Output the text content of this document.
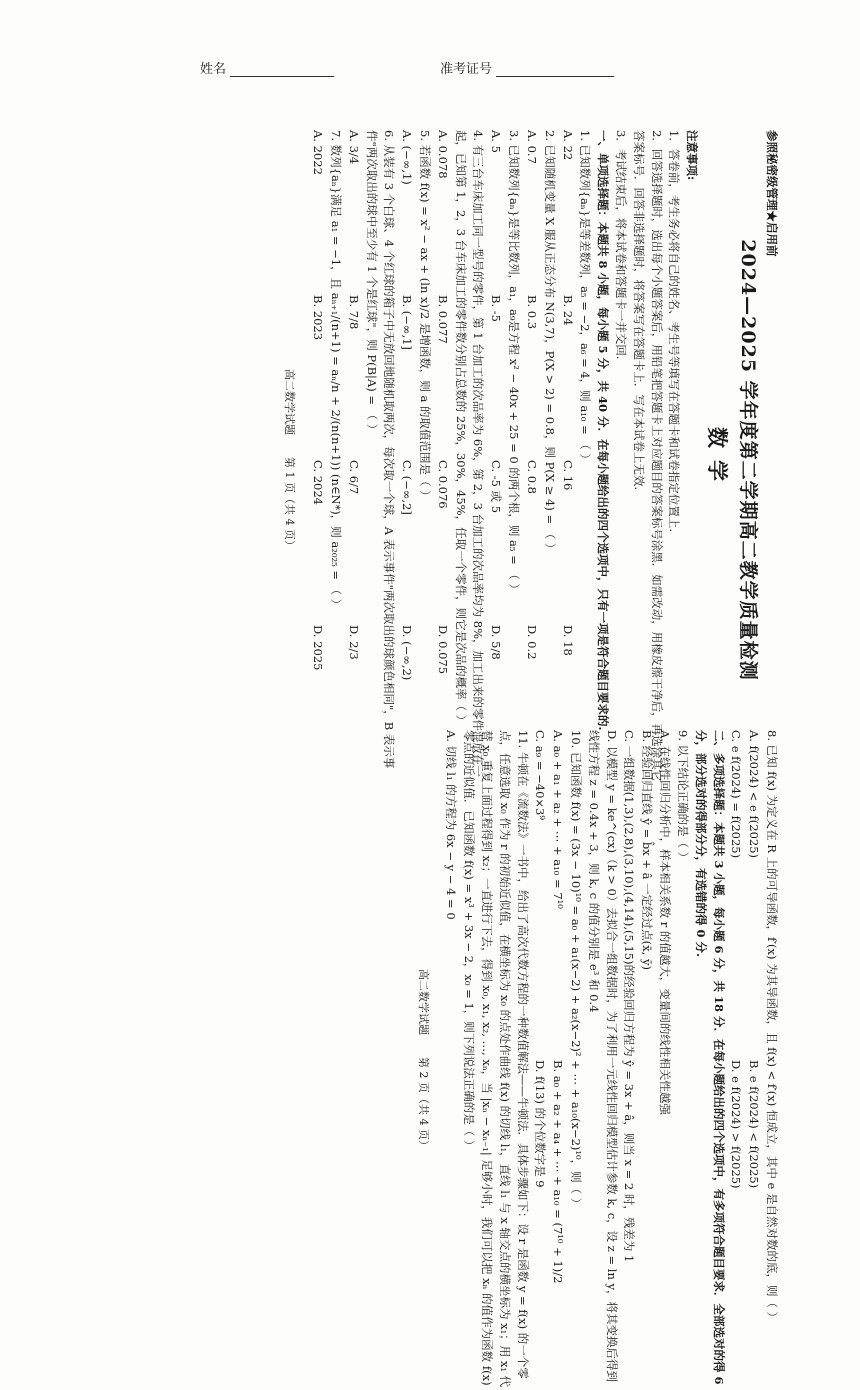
姓名	准考证号
参照秘密级管理★启用前
2024—2025 学年度第二学期高二教学质量检测
数学
注意事项:
1．答卷前，考生务必将自己的姓名、考生号等填写在答题卡和试卷指定位置上.
2．回答选择题时，选出每个小题答案后，用铅笔把答题卡上对应题目的答案标号涂黑．如需改动，用橡皮擦干净后，再选涂其它答案标号．回答非选择题时，将答案写在答题卡上．写在本试卷上无效.
3．考试结束后，将本试卷和答题卡一并交回.
一、单项选择题：本题共 8 小题，每小题 5 分，共 40 分．在每小题给出的四个选项中，只有一项是符合题目要求的.
1. 已知数列{aₙ}是等差数列，a₅ = −2，a₆ = 4，则 a₁₀ = （ ）
A. 22
B. 24
C. 16
D. 18
2. 已知随机变量 X 服从正态分布 N(3,7)，P(X > 2) = 0.8，则 P(X ≥ 4) = （ ）
A. 0.7
B. 0.3
C. 0.8
D. 0.2
3. 已知数列{aₙ}是等比数列，a₁，a₉是方程 x² − 40x + 25 = 0 的两个根，则 a₅ = （ ）
A. 5
B. -5
C. -5 或 5
D. 5/8
4. 有三台车床加工同一型号的零件，第 1 台加工的次品率为 6%，第 2，3 台加工的次品率均为 8%，加工出来的零件混放在一起，已知第 1，2，3 台车床加工的零件数分别占总数的 25%，30%，45%，任取一个零件，则它是次品的概率（ ）
A. 0.078
B. 0.077
C. 0.076
D. 0.075
5. 若函数 f(x) = x² − ax + (ln x)/2 是增函数，则 a 的取值范围是（ ）
A. (−∞,1)
B. (−∞,1]
C. (−∞,2]
D. (−∞,2)
6. 从装有 3 个白球、4 个红球的箱子中无放回地随机取两次，每次取一个球，A 表示事件"两次取出的球颜色相同"，B 表示事件"两次取出的球中至少有 1 个是红球"，则 P(B|A) = （ ）
A. 3/4
B. 7/8
C. 6/7
D. 2/3
7. 数列{aₙ}满足 a₁ = −1，且 aₙ₊₁/(n+1) = aₙ/n + 2/(n(n+1)) (n∈N*)，则 a₂₀₂₅ = （ ）
A. 2022
B. 2023
C. 2024
D. 2025
高二数学试题　　第 1 页（共 4 页）
8. 已知 f(x) 为定义在 R 上的可导函数，f′(x) 为其导函数，且 f(x) < f′(x) 恒成立，其中 e 是自然对数的底，则（ ）
A. f(2024) < e f(2025)
B. e f(2024) < f(2025)
C. e f(2024) = f(2025)
D. e f(2024) > f(2025)
二、多项选择题：本题共 3 小题，每小题 6 分，共 18 分．在每小题给出的四个选项中，有多项符合题目要求．全部选对的得 6 分，部分选对的得部分分，有选错的得 0 分.
9. 以下结论正确的是（ ）
A. 在线性回归分析中，样本相关系数 r 的值越大，变量间的线性相关性越强
B. 经验回归直线 ŷ = b̂x + â 一定经过点(x̄, ȳ)
C. 一组数据(1,3),(2,8),(3,10),(4,14),(5,15)的经验回归方程为 ŷ = 3x + â，则当 x = 2 时，残差为 1
D. 以模型 y = ke^(cx)（k > 0）去拟合一组数据时，为了利用一元线性回归模型估计参数 k, c，设 z = ln y，将其变换后得到线性方程 z = 0.4x + 3，则 k, c 的值分别是 e³ 和 0.4
10. 已知函数 f(x) = (3x − 10)¹⁰ = a₀ + a₁(x−2) + a₂(x−2)² + ⋯ + a₁₀(x−2)¹⁰，则（ ）
A. a₀ + a₁ + a₂ + ⋯ + a₁₀ = 7¹⁰
B. a₀ + a₂ + a₄ + ⋯ + a₁₀ = (7¹⁰ + 1)/2
C. a₉ = −40×3⁹
D. f(13) 的个位数字是 9
11. 牛顿在《流数法》一书中，给出了高次代数方程的一种数值解法——牛顿法．具体步骤如下：设 r 是函数 y = f(x) 的一个零点，任意选取 x₀ 作为 r 的初始近似值，在横坐标为 x₀ 的点处作曲线 f(x) 的切线 l₁，直线 l₁ 与 x 轴交点的横坐标为 x₁；用 x₁ 代替 x₀ 重复上面过程得到 x₂；一直进行下去，得到 x₀, x₁, x₂, …, xₙ，当 |xₙ − xₙ₋₁| 足够小时，我们可以把 xₙ 的值作为函数 f(x) 零点的近似值．已知函数 f(x) = x³ + 3x − 2，x₀ = 1，则下列说法正确的是（ ）
A. 切线 l₁ 的方程为 6x − y − 4 = 0
高二数学试题　　第 2 页（共 4 页）
